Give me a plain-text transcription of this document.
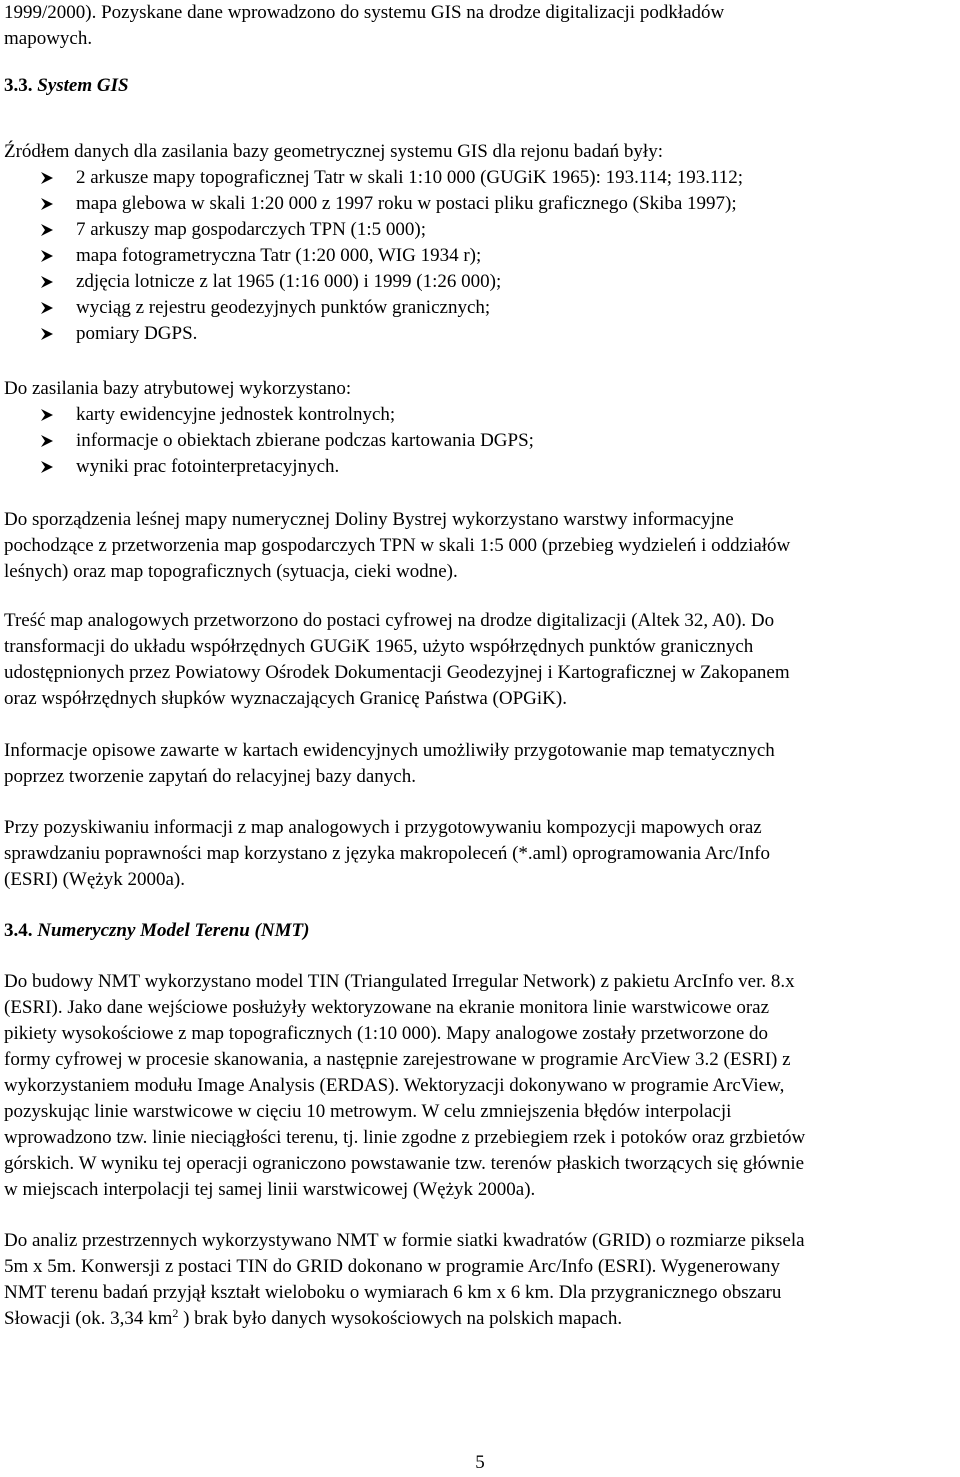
1999/2000). Pozyskane dane wprowadzono do systemu GIS na drodze digitalizacji podkładów
mapowych.
3.3. System GIS
Źródłem danych dla zasilania bazy geometrycznej systemu GIS dla rejonu badań były:
2 arkusze mapy topograficznej Tatr w skali 1:10 000 (GUGiK 1965): 193.114; 193.112;
mapa glebowa w skali 1:20 000 z 1997 roku w postaci pliku graficznego (Skiba 1997);
7 arkuszy map gospodarczych TPN (1:5 000);
mapa fotogrametryczna Tatr (1:20 000, WIG 1934 r);
zdjęcia lotnicze z lat 1965 (1:16 000) i 1999 (1:26 000);
wyciąg z rejestru geodezyjnych punktów granicznych;
pomiary DGPS.
Do zasilania bazy atrybutowej wykorzystano:
karty ewidencyjne jednostek kontrolnych;
informacje o obiektach zbierane podczas kartowania DGPS;
wyniki prac fotointerpretacyjnych.
Do sporządzenia leśnej mapy numerycznej Doliny Bystrej wykorzystano warstwy informacyjne
pochodzące z przetworzenia map gospodarczych TPN w skali 1:5 000 (przebieg wydzieleń i oddziałów
leśnych) oraz map topograficznych (sytuacja, cieki wodne).
Treść map analogowych przetworzono do postaci cyfrowej na drodze digitalizacji (Altek 32, A0). Do
transformacji do układu współrzędnych GUGiK 1965, użyto współrzędnych punktów granicznych
udostępnionych przez Powiatowy Ośrodek Dokumentacji Geodezyjnej i Kartograficznej w Zakopanem
oraz współrzędnych słupków wyznaczających Granicę Państwa (OPGiK).
Informacje opisowe zawarte w kartach ewidencyjnych umożliwiły przygotowanie map tematycznych
poprzez tworzenie zapytań do relacyjnej bazy danych.
Przy pozyskiwaniu informacji z map analogowych i przygotowywaniu kompozycji mapowych oraz
sprawdzaniu poprawności map korzystano z języka makropoleceń (*.aml) oprogramowania Arc/Info
(ESRI) (Wężyk 2000a).
3.4. Numeryczny Model Terenu (NMT)
Do budowy NMT wykorzystano model TIN (Triangulated Irregular Network) z pakietu ArcInfo ver. 8.x
(ESRI). Jako dane wejściowe posłużyły wektoryzowane na ekranie monitora linie warstwicowe oraz
pikiety wysokościowe z map topograficznych (1:10 000). Mapy analogowe zostały przetworzone do
formy cyfrowej w procesie skanowania, a następnie zarejestrowane w programie ArcView 3.2 (ESRI) z
wykorzystaniem modułu Image Analysis (ERDAS). Wektoryzacji dokonywano w programie ArcView,
pozyskując linie warstwicowe w cięciu 10 metrowym. W celu zmniejszenia błędów interpolacji
wprowadzono tzw. linie nieciągłości terenu, tj. linie zgodne z przebiegiem rzek i potoków oraz grzbietów
górskich. W wyniku tej operacji ograniczono powstawanie tzw. terenów płaskich tworzących się głównie
w miejscach interpolacji tej samej linii warstwicowej (Wężyk 2000a).
Do analiz przestrzennych wykorzystywano NMT w formie siatki kwadratów (GRID) o rozmiarze piksela
5m x 5m. Konwersji z postaci TIN do GRID dokonano w programie Arc/Info (ESRI). Wygenerowany
NMT terenu badań przyjął kształt wieloboku o wymiarach 6 km x 6 km. Dla przygranicznego obszaru
Słowacji (ok. 3,34 $km^2$ ) brak było danych wysokościowych na polskich mapach.
5
